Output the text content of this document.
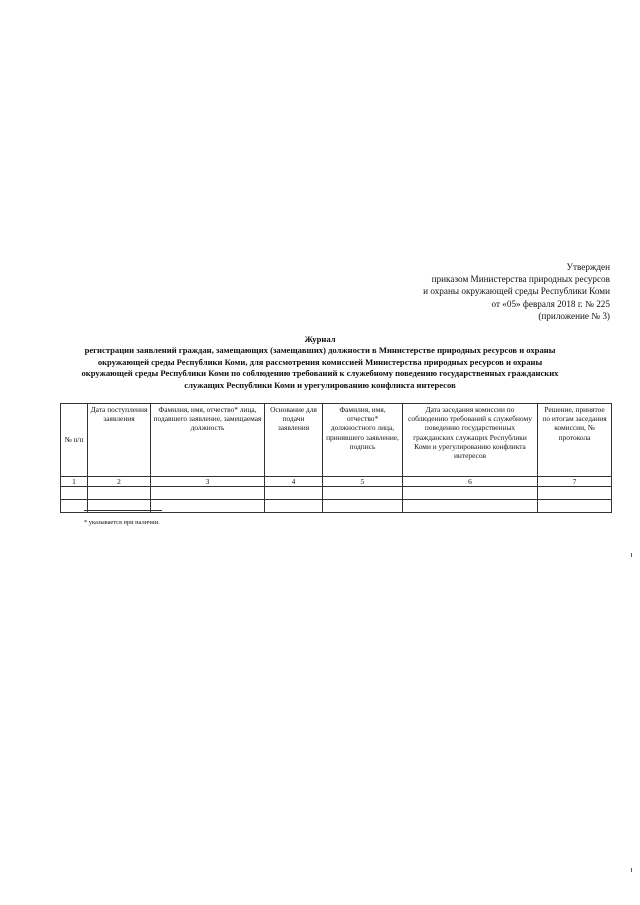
Утвержден
приказом Министерства природных ресурсов
и охраны окружающей среды Республики Коми
от «05» февраля 2018 г. № 225
(приложение № 3)
Журнал
регистрации заявлений граждан, замещающих (замещавших) должности в Министерстве природных ресурсов и охраны
окружающей среды Республики Коми, для рассмотрения комиссией Министерства природных ресурсов и охраны
окружающей среды Республики Коми по соблюдению требований к служебному поведению государственных гражданских
служащих Республики Коми и урегулированию конфликта интересов
№ п/п	Дата поступления заявления	Фамилия, имя, отчество* лица, подавшего заявление, замещаемая должность	Основание для подачи заявления	Фамилия, имя, отчество* должностного лица, принявшего заявление, подпись	Дата заседания комиссии по соблюдению требований к служебному поведению государственных гражданских служащих Республики Коми и урегулированию конфликта интересов	Решение, принятое по итогам заседания комиссии, № протокола
1	2	3	4	5	6	7

* указывается при наличии.
